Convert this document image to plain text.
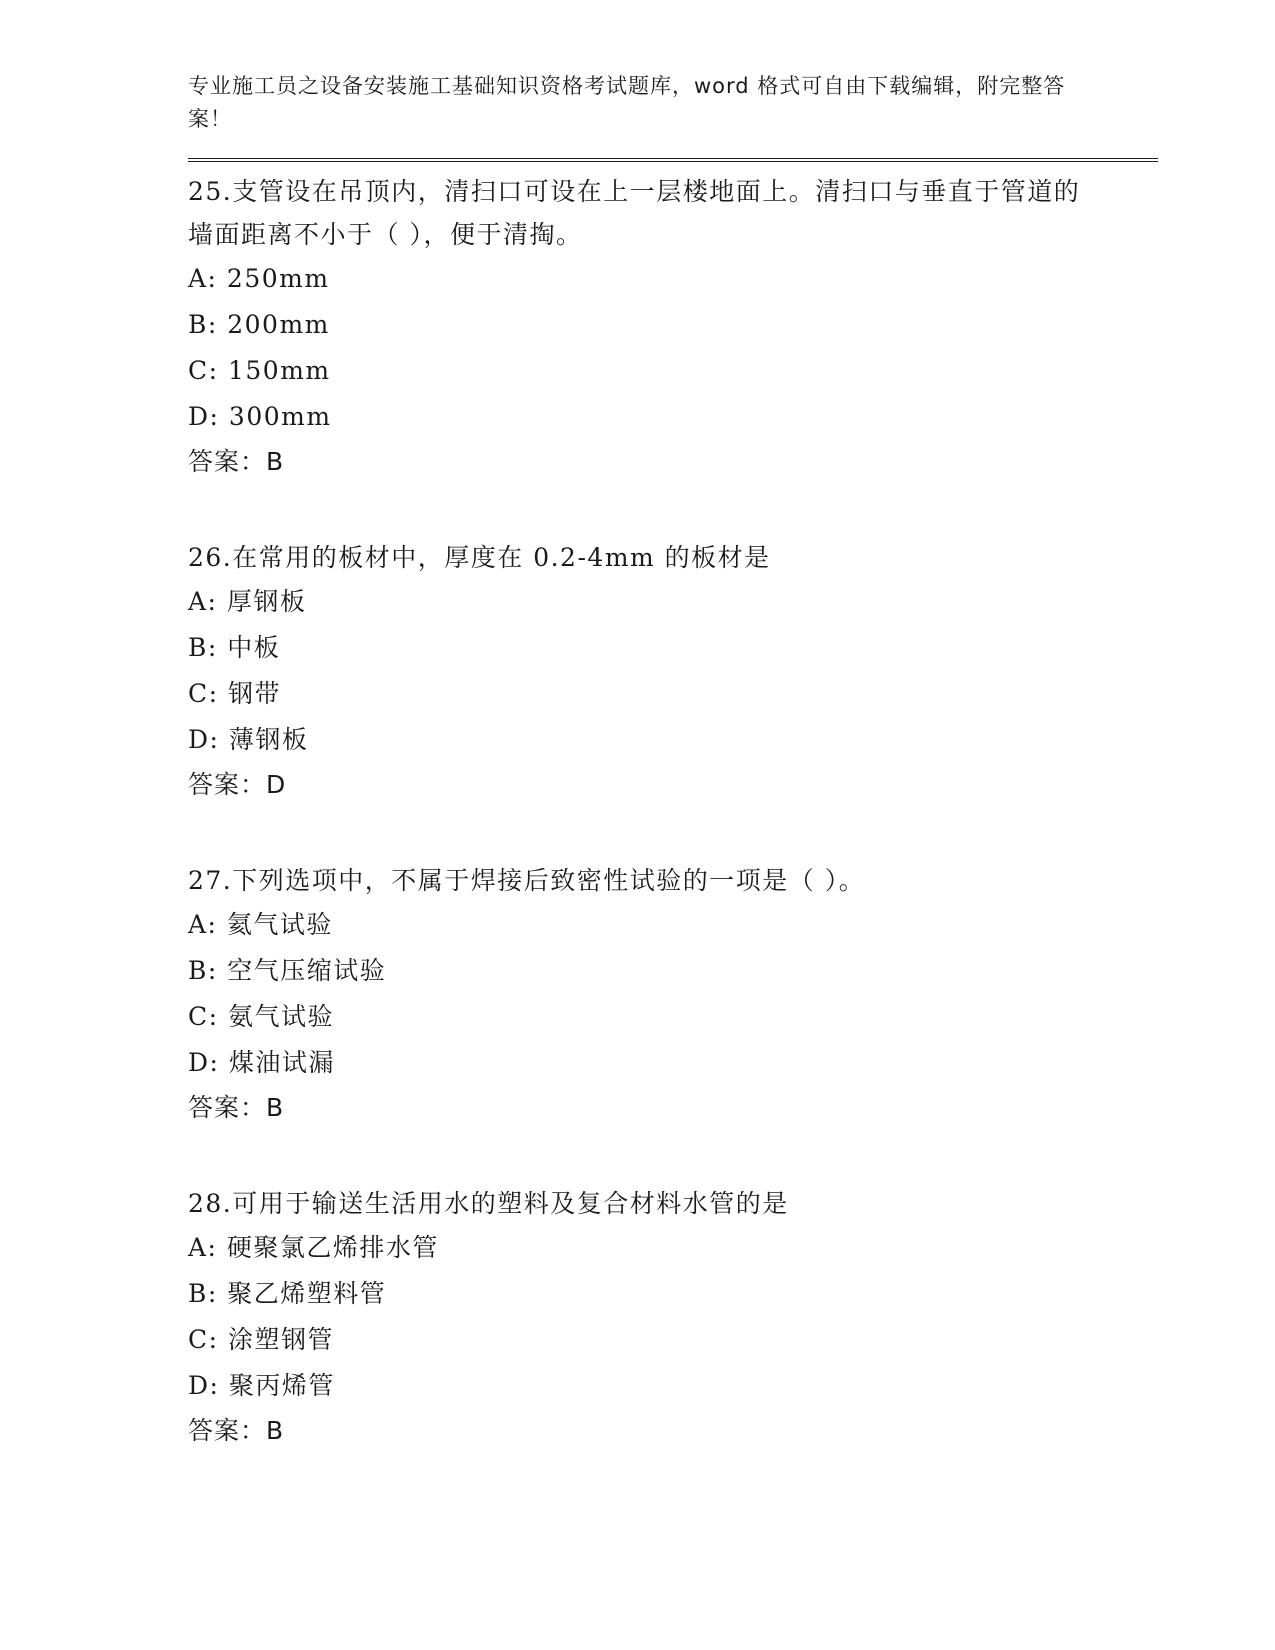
专业施工员之设备安装施工基础知识资格考试题库，word 格式可自由下载编辑，附完整答案！
25.支管设在吊顶内，清扫口可设在上一层楼地面上。清扫口与垂直于管道的墙面距离不小于（ ），便于清掏。
A: 250mm
B: 200mm
C: 150mm
D: 300mm
答案：B
26.在常用的板材中，厚度在 0.2-4mm 的板材是
A: 厚钢板
B: 中板
C: 钢带
D: 薄钢板
答案：D
27.下列选项中，不属于焊接后致密性试验的一项是（ ）。
A: 氦气试验
B: 空气压缩试验
C: 氨气试验
D: 煤油试漏
答案：B
28.可用于输送生活用水的塑料及复合材料水管的是
A: 硬聚氯乙烯排水管
B: 聚乙烯塑料管
C: 涂塑钢管
D: 聚丙烯管
答案：B
